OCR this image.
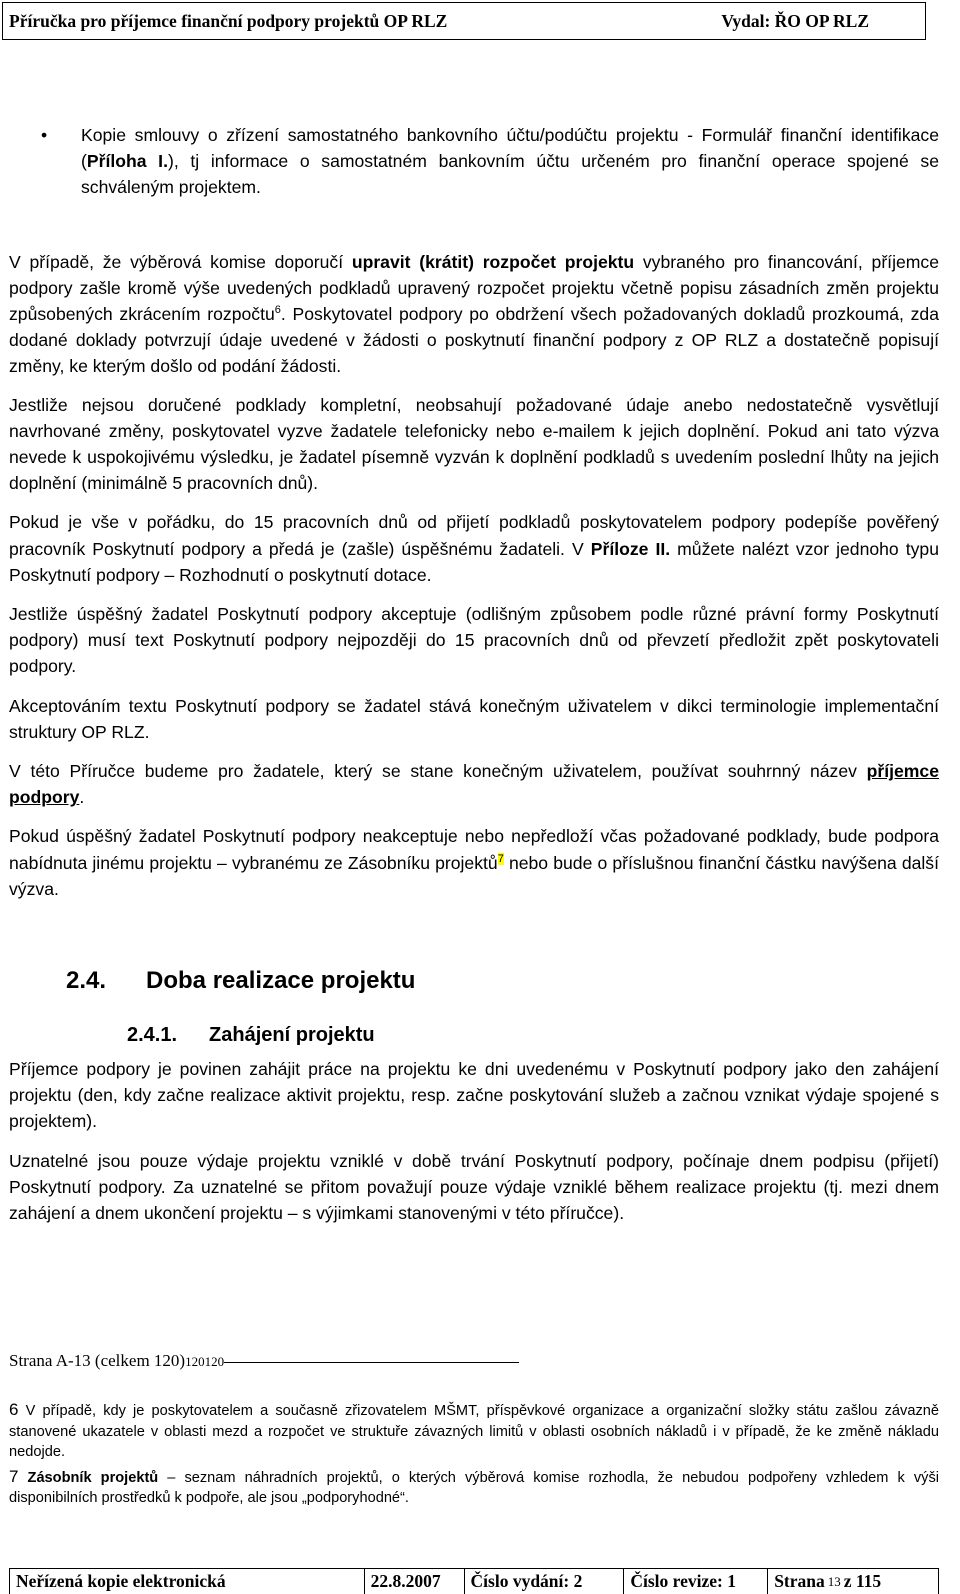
Příručka pro příjemce finanční podpory projektů OP RLZ	Vydal: ŘO OP RLZ
• Kopie smlouvy o zřízení samostatného bankovního účtu/podúčtu projektu - Formulář finanční identifikace (Příloha I.), tj informace o samostatném bankovním účtu určeném pro finanční operace spojené se schváleným projektem.

V případě, že výběrová komise doporučí upravit (krátit) rozpočet projektu vybraného pro financování, příjemce podpory zašle kromě výše uvedených podkladů upravený rozpočet projektu včetně popisu zásadních změn projektu způsobených zkrácením rozpočtu$^6$. Poskytovatel podpory po obdržení všech požadovaných dokladů prozkoumá, zda dodané doklady potvrzují údaje uvedené v žádosti o poskytnutí finanční podpory z OP RLZ a dostatečně popisují změny, ke kterým došlo od podání žádosti.

Jestliže nejsou doručené podklady kompletní, neobsahují požadované údaje anebo nedostatečně vysvětlují navrhované změny, poskytovatel vyzve žadatele telefonicky nebo e-mailem k jejich doplnění. Pokud ani tato výzva nevede k uspokojivému výsledku, je žadatel písemně vyzván k doplnění podkladů s uvedením poslední lhůty na jejich doplnění (minimálně 5 pracovních dnů).

Pokud je vše v pořádku, do 15 pracovních dnů od přijetí podkladů poskytovatelem podpory podepíše pověřený pracovník Poskytnutí podpory a předá je (zašle) úspěšnému žadateli. V Příloze II. můžete nalézt vzor jednoho typu Poskytnutí podpory – Rozhodnutí o poskytnutí dotace.

Jestliže úspěšný žadatel Poskytnutí podpory akceptuje (odlišným způsobem podle různé právní formy Poskytnutí podpory) musí text Poskytnutí podpory nejpozději do 15 pracovních dnů od převzetí předložit zpět poskytovateli podpory.

Akceptováním textu Poskytnutí podpory se žadatel stává konečným uživatelem v dikci terminologie implementační struktury OP RLZ.

V této Příručce budeme pro žadatele, který se stane konečným uživatelem, používat souhrnný název příjemce podpory.

Pokud úspěšný žadatel Poskytnutí podpory neakceptuje nebo nepředloží včas požadované podklady, bude podpora nabídnuta jinému projektu – vybranému ze Zásobníku projektů$^7$ nebo bude o příslušnou finanční částku navýšena další výzva.

2.4. Doba realizace projektu
2.4.1. Zahájení projektu

Příjemce podpory je povinen zahájit práce na projektu ke dni uvedenému v Poskytnutí podpory jako den zahájení projektu (den, kdy začne realizace aktivit projektu, resp. začne poskytování služeb a začnou vznikat výdaje spojené s projektem).

Uznatelné jsou pouze výdaje projektu vzniklé v době trvání Poskytnutí podpory, počínaje dnem podpisu (přijetí) Poskytnutí podpory. Za uznatelné se přitom považují pouze výdaje vzniklé během realizace projektu (tj. mezi dnem zahájení a dnem ukončení projektu – s výjimkami stanovenými v této příručce).

Strana A-13 (celkem 120)120120
6 V případě, kdy je poskytovatelem a současně zřizovatelem MŠMT, příspěvkové organizace a organizační složky státu zašlou závazně stanovené ukazatele v oblasti mezd a rozpočet ve struktuře závazných limitů v oblasti osobních nákladů i v případě, že ke změně nákladu nedojde.
7 Zásobník projektů – seznam náhradních projektů, o kterých výběrová komise rozhodla, že nebudou podpořeny vzhledem k výši disponibilních prostředků k podpoře, ale jsou „podporyhodné“.
Neřízená kopie elektronická	22.8.2007	Číslo vydání: 2	Číslo revize: 1	Strana 13 z 115
